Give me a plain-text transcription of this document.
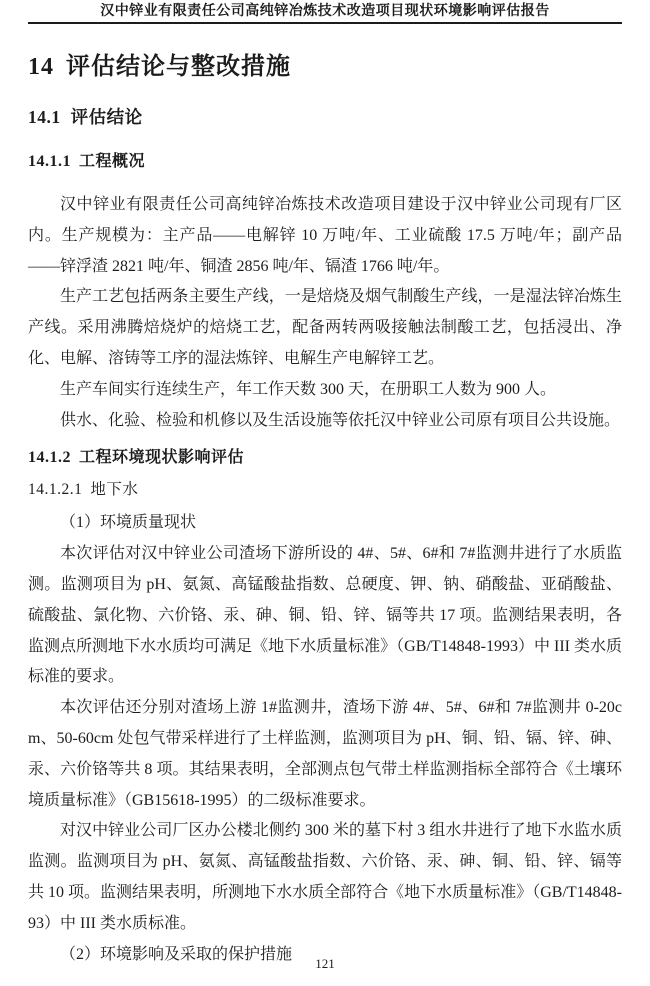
汉中锌业有限责任公司高纯锌冶炼技术改造项目现状环境影响评估报告
14 评估结论与整改措施
14.1 评估结论
14.1.1 工程概况

汉中锌业有限责任公司高纯锌冶炼技术改造项目建设于汉中锌业公司现有厂区内。生产规模为：主产品——电解锌 10 万吨/年、工业硫酸 17.5 万吨/年；副产品——锌浮渣 2821 吨/年、铜渣 2856 吨/年、镉渣 1766 吨/年。

生产工艺包括两条主要生产线，一是焙烧及烟气制酸生产线，一是湿法锌冶炼生产线。采用沸腾焙烧炉的焙烧工艺，配备两转两吸接触法制酸工艺，包括浸出、净化、电解、溶铸等工序的湿法炼锌、电解生产电解锌工艺。

生产车间实行连续生产，年工作天数 300 天，在册职工人数为 900 人。

供水、化验、检验和机修以及生活设施等依托汉中锌业公司原有项目公共设施。

14.1.2 工程环境现状影响评估
14.1.2.1 地下水

（1）环境质量现状

本次评估对汉中锌业公司渣场下游所设的 4#、5#、6#和 7#监测井进行了水质监测。监测项目为 pH、氨氮、高锰酸盐指数、总硬度、钾、钠、硝酸盐、亚硝酸盐、硫酸盐、氯化物、六价铬、汞、砷、铜、铅、锌、镉等共 17 项。监测结果表明，各监测点所测地下水水质均可满足《地下水质量标准》（GB/T14848-1993）中 III 类水质标准的要求。

本次评估还分别对渣场上游 1#监测井，渣场下游 4#、5#、6#和 7#监测井 0-20cm、50-60cm 处包气带采样进行了土样监测，监测项目为 pH、铜、铅、镉、锌、砷、汞、六价铬等共 8 项。其结果表明，全部测点包气带土样监测指标全部符合《土壤环境质量标准》（GB15618-1995）的二级标准要求。

对汉中锌业公司厂区办公楼北侧约 300 米的墓下村 3 组水井进行了地下水监水质监测。监测项目为 pH、氨氮、高锰酸盐指数、六价铬、汞、砷、铜、铅、锌、镉等共 10 项。监测结果表明，所测地下水水质全部符合《地下水质量标准》（GB/T14848-93）中 III 类水质标准。

（2）环境影响及采取的保护措施

121
